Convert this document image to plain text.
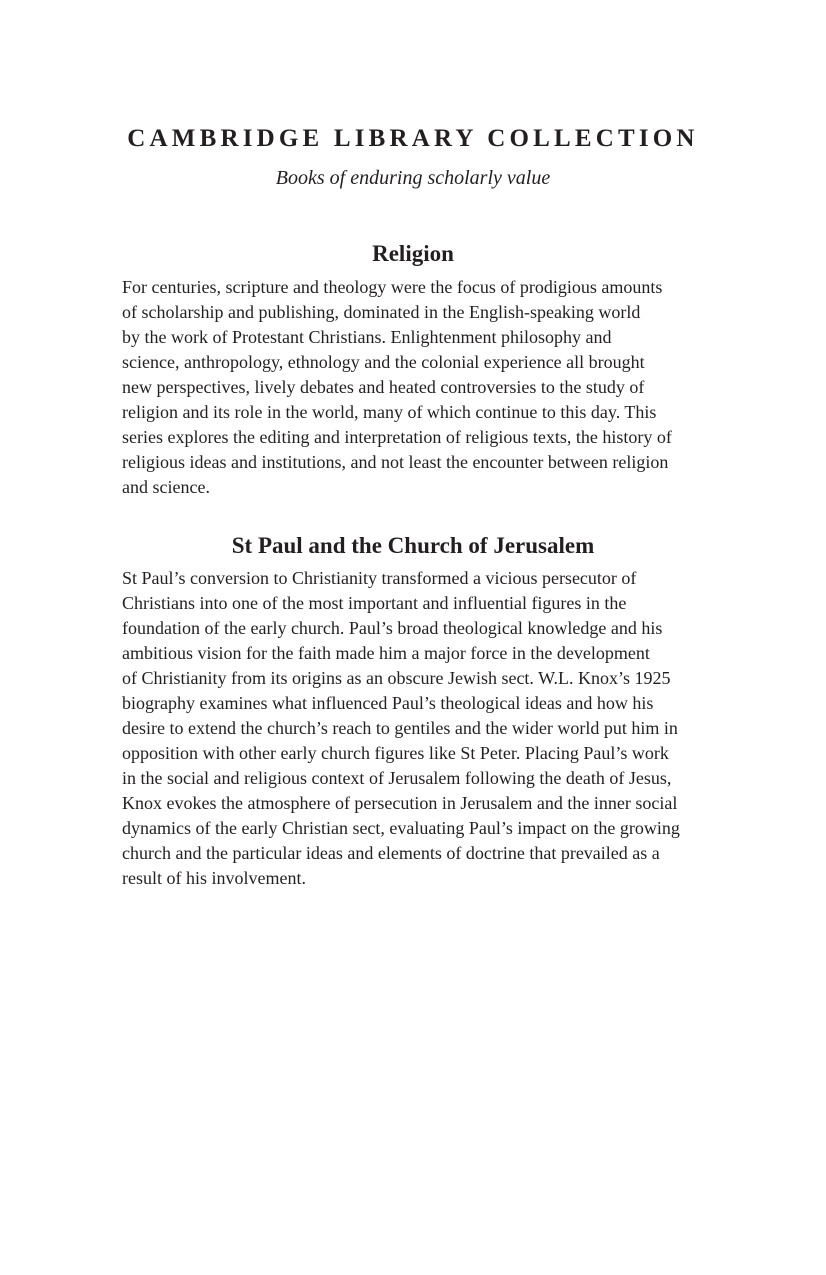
CAMBRIDGE LIBRARY COLLECTION
Books of enduring scholarly value
Religion

For centuries, scripture and theology were the focus of prodigious amounts
of scholarship and publishing, dominated in the English-speaking world
by the work of Protestant Christians. Enlightenment philosophy and
science, anthropology, ethnology and the colonial experience all brought
new perspectives, lively debates and heated controversies to the study of
religion and its role in the world, many of which continue to this day. This
series explores the editing and interpretation of religious texts, the history of
religious ideas and institutions, and not least the encounter between religion
and science.

St Paul and the Church of Jerusalem

St Paul’s conversion to Christianity transformed a vicious persecutor of
Christians into one of the most important and influential figures in the
foundation of the early church. Paul’s broad theological knowledge and his
ambitious vision for the faith made him a major force in the development
of Christianity from its origins as an obscure Jewish sect. W.L. Knox’s 1925
biography examines what influenced Paul’s theological ideas and how his
desire to extend the church’s reach to gentiles and the wider world put him in
opposition with other early church figures like St Peter. Placing Paul’s work
in the social and religious context of Jerusalem following the death of Jesus,
Knox evokes the atmosphere of persecution in Jerusalem and the inner social
dynamics of the early Christian sect, evaluating Paul’s impact on the growing
church and the particular ideas and elements of doctrine that prevailed as a
result of his involvement.
